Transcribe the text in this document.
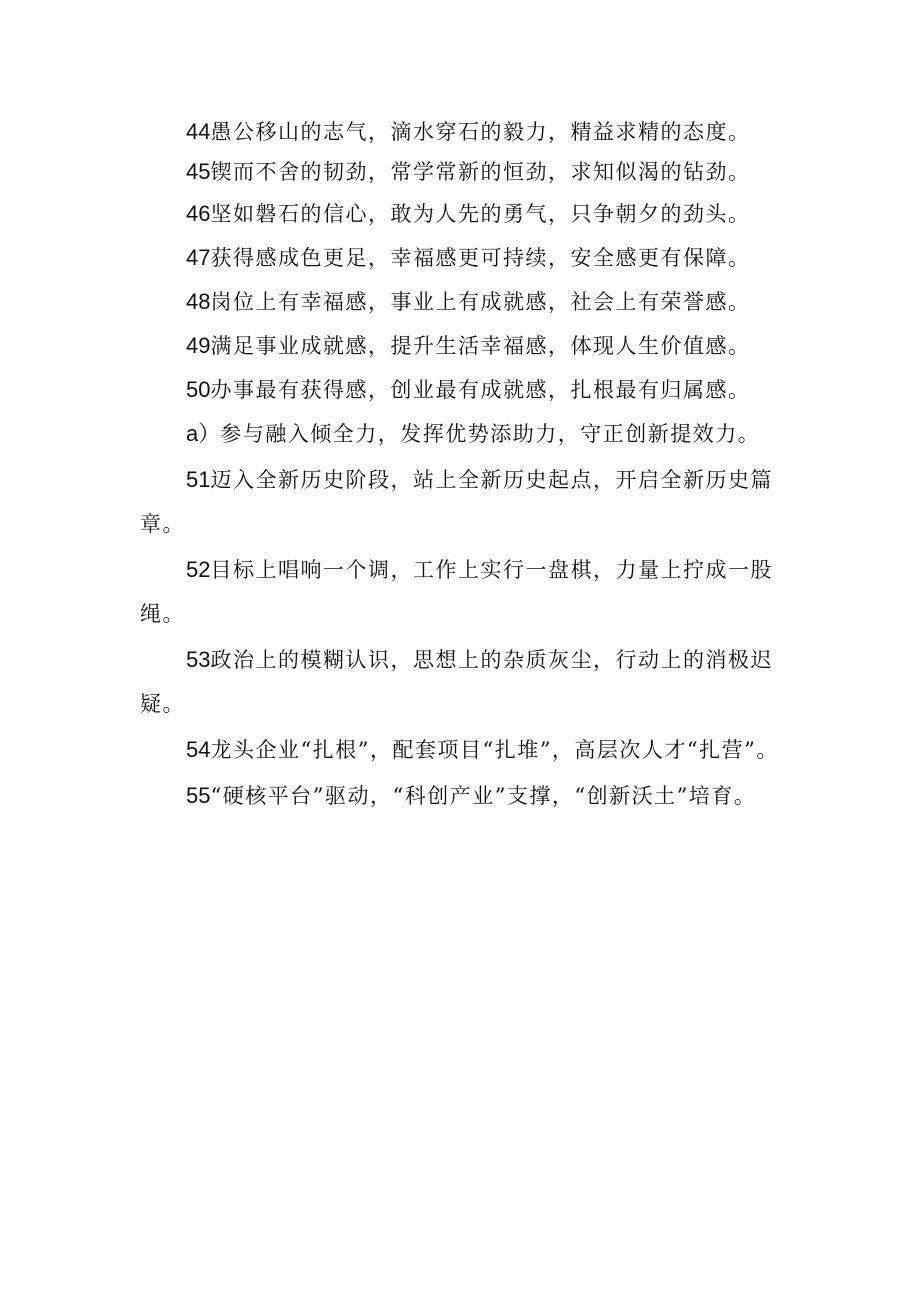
44愚公移山的志气，滴水穿石的毅力，精益求精的态度。

45锲而不舍的韧劲，常学常新的恒劲，求知似渴的钻劲。

46坚如磐石的信心，敢为人先的勇气，只争朝夕的劲头。

47获得感成色更足，幸福感更可持续，安全感更有保障。

48岗位上有幸福感，事业上有成就感，社会上有荣誉感。

49满足事业成就感，提升生活幸福感，体现人生价值感。

50办事最有获得感，创业最有成就感，扎根最有归属感。

a）参与融入倾全力，发挥优势添助力，守正创新提效力。

51迈入全新历史阶段，站上全新历史起点，开启全新历史篇章。

52目标上唱响一个调，工作上实行一盘棋，力量上拧成一股绳。

53政治上的模糊认识，思想上的杂质灰尘，行动上的消极迟疑。

54龙头企业“扎根”，配套项目“扎堆”，高层次人才“扎营”。

55“硬核平台”驱动，“科创产业”支撑，“创新沃土”培育。
